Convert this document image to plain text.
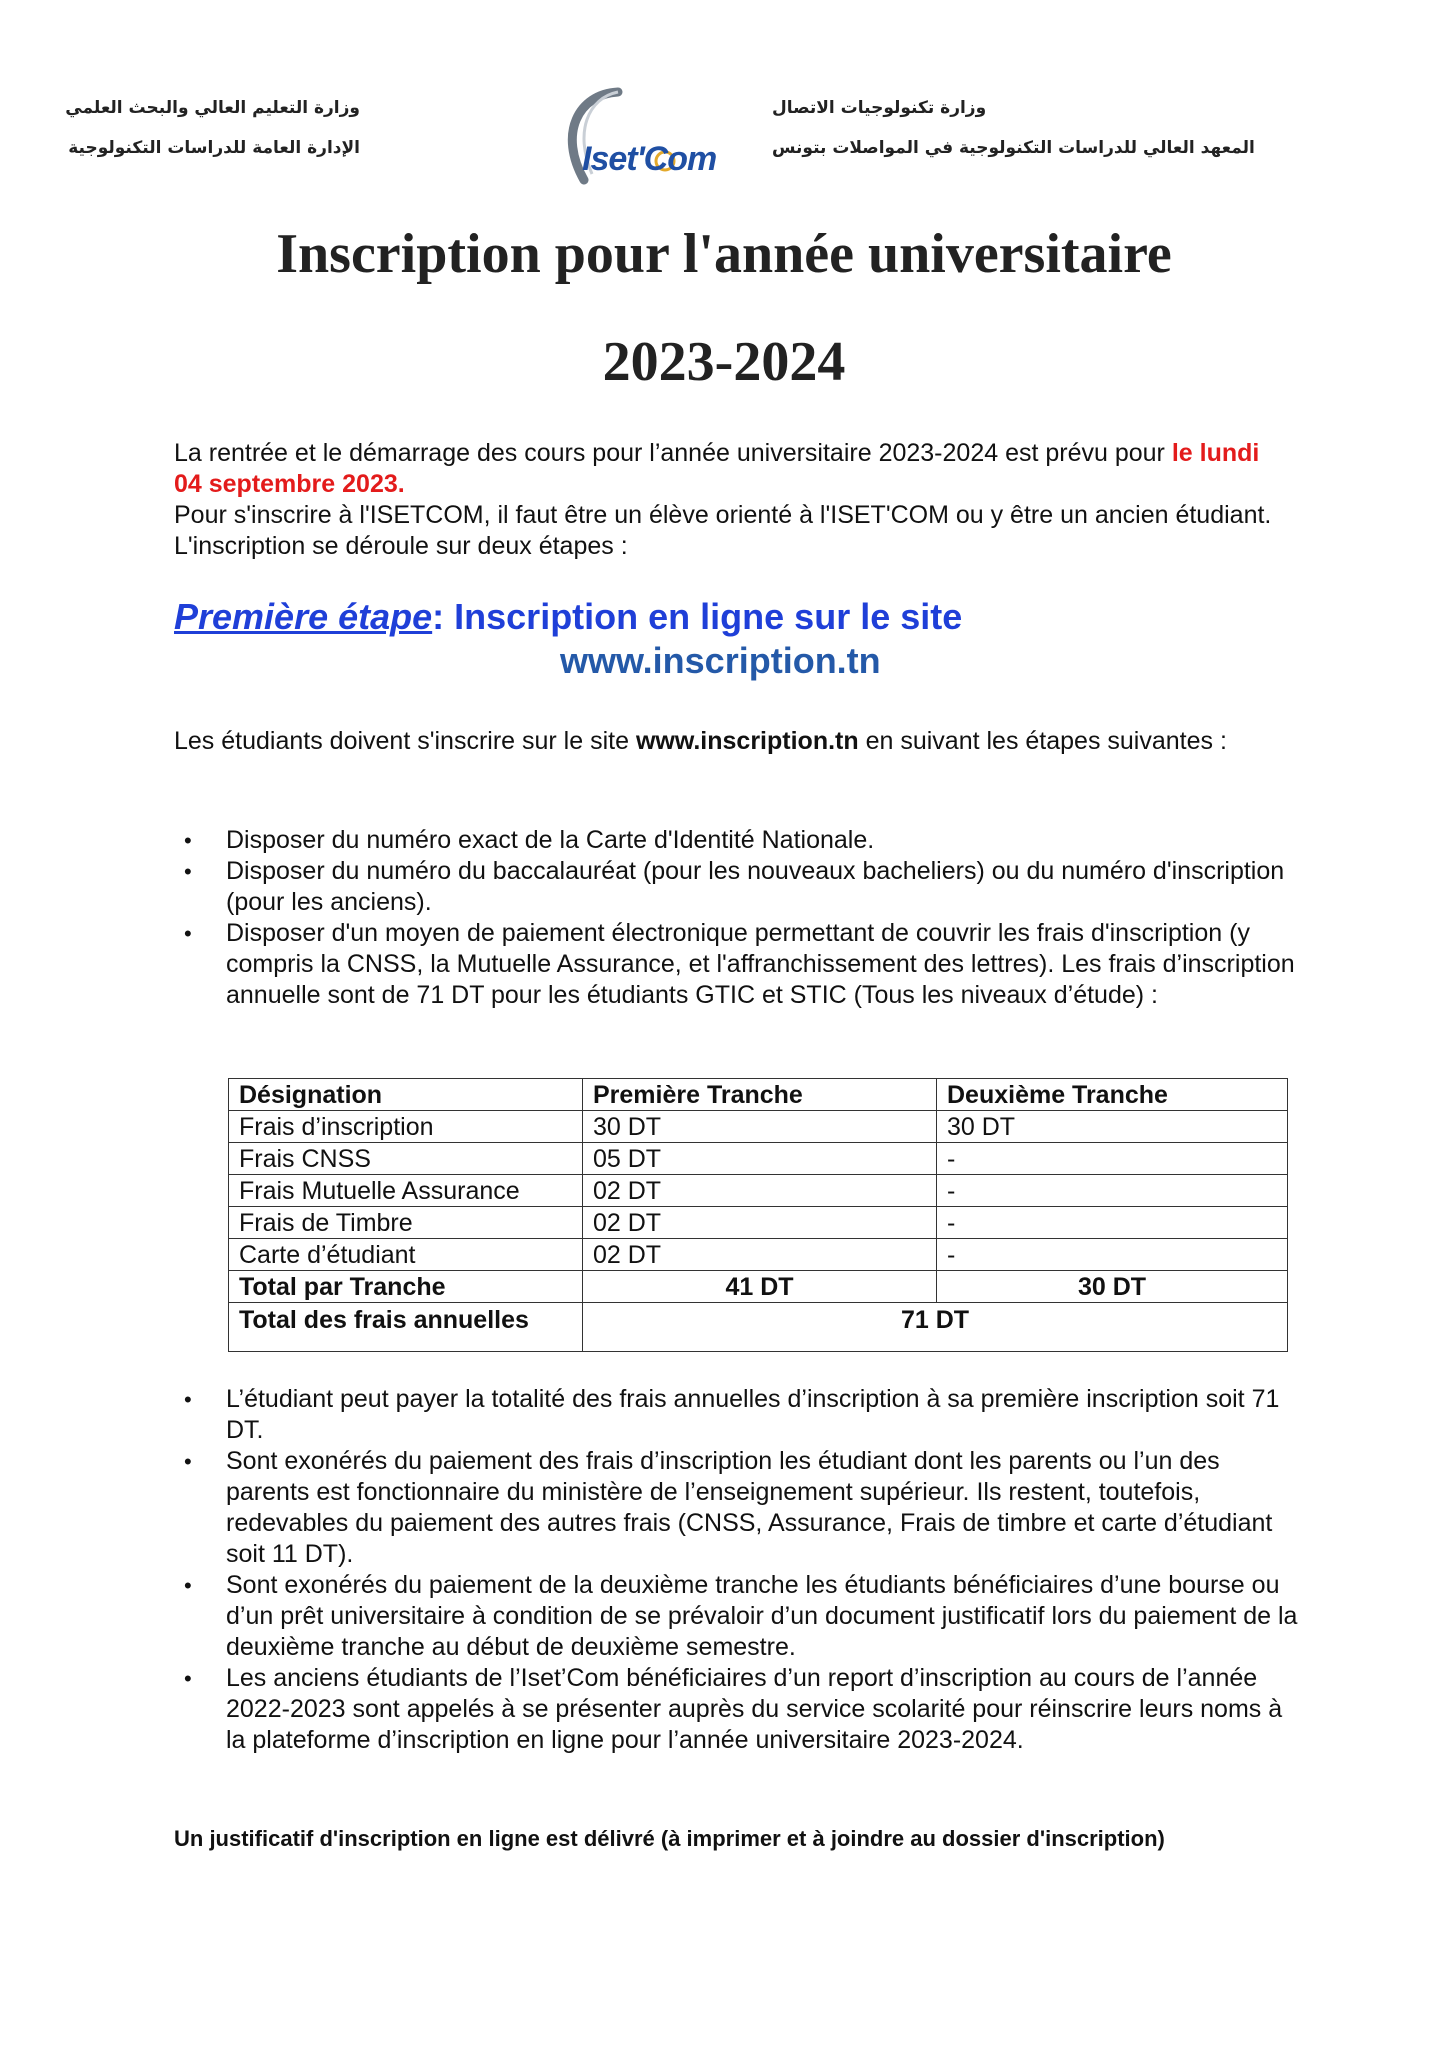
وزارة التعليم العالي والبحث العلمي
الإدارة العامة للدراسات التكنولوجية	Iset'Com
وزارة تكنولوجيات الاتصال
المعهد العالي للدراسات التكنولوجية في المواصلات بتونس
Inscription pour l'année universitaire
2023-2024
La rentrée et le démarrage des cours pour l’année universitaire 2023-2024 est prévu pour le lundi 04 septembre 2023.
Pour s'inscrire à l'ISETCOM, il faut être un élève orienté à l'ISET'COM ou y être un ancien étudiant. L'inscription se déroule sur deux étapes :
Première étape: Inscription en ligne sur le site
www.inscription.tn
Les étudiants doivent s'inscrire sur le site www.inscription.tn en suivant les étapes suivantes :
• Disposer du numéro exact de la Carte d'Identité Nationale.
• Disposer du numéro du baccalauréat (pour les nouveaux bacheliers) ou du numéro d'inscription (pour les anciens).
• Disposer d'un moyen de paiement électronique permettant de couvrir les frais d'inscription (y compris la CNSS, la Mutuelle Assurance, et l'affranchissement des lettres). Les frais d’inscription annuelle sont de 71 DT pour les étudiants GTIC et STIC (Tous les niveaux d’étude) :
Désignation	Première Tranche	Deuxième Tranche
Frais d’inscription	30 DT	30 DT
Frais CNSS	05 DT	-
Frais Mutuelle Assurance	02 DT	-
Frais de Timbre	02 DT	-
Carte d’étudiant	02 DT	-
Total par Tranche	41 DT	30 DT
Total des frais annuelles	71 DT	
• L’étudiant peut payer la totalité des frais annuelles d’inscription à sa première inscription soit 71 DT.
• Sont exonérés du paiement des frais d’inscription les étudiant dont les parents ou l’un des parents est fonctionnaire du ministère de l’enseignement supérieur. Ils restent, toutefois, redevables du paiement des autres frais (CNSS, Assurance, Frais de timbre et carte d’étudiant soit 11 DT).
• Sont exonérés du paiement de la deuxième tranche les étudiants bénéficiaires d’une bourse ou d’un prêt universitaire à condition de se prévaloir d’un document justificatif lors du paiement de la deuxième tranche au début de deuxième semestre.
• Les anciens étudiants de l’Iset’Com bénéficiaires d’un report d’inscription au cours de l’année 2022-2023 sont appelés à se présenter auprès du service scolarité pour réinscrire leurs noms à la plateforme d’inscription en ligne pour l’année universitaire 2023-2024.
Un justificatif d'inscription en ligne est délivré (à imprimer et à joindre au dossier d'inscription)
